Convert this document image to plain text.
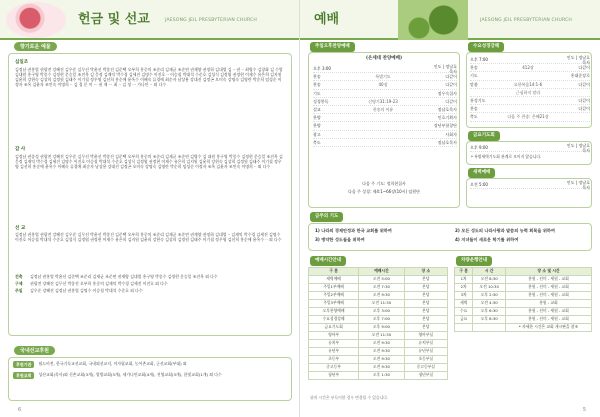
헌금 및 선교	JAESONG JEIL PRESBYTERIAN CHURCH
향기로운 예물
십일조
김정남 권홍열 권광전 강혜진 김우준 김무선 박윤선 박종진 김준택 오부희 홍중의 조준리 김재균 조준연 권재양 권정하 김대열 김 ·· 권 ·· 최병수 김창화 김 수열 김대원 홍구영 박종수 김정현 문승일 조진옥 김 응정 김재익 박수경 김세진 김명수 이진호 ·· 이승철 박대석 수준호 김성식 김정엽 권정현 이재수 유은희 김지원 김윤희 강현숙 김상희 김정원 김태주 이기철 정우영 김선희 홍순애 윤옥수 이혜숙 류경애 최순자 남상용 강대진 김정곤 오미숙 강명숙 김영란 박순희 임성순 이정자 조옥 김윤자 조인숙 이명희 ·· 김 경 문 이 ··· 권 재 ··· 최 ·· 김 정 ··· 가나안 ·· 외 다수
감 사
김정남 권종성 권광전 강혜진 김우준 김무선 박윤선 박종진 김준택 오부희 홍중의 조준리 김재균 조준연 김병수 김 대원 홍구영 박종수 김정현 문승일 조진옥 김 응정 김재익 박수경 김세진 김명수 이진호 이승철 박대석 수준호 김성식 김정엽 권정현 이재수 유은희 김지원 김윤희 강현숙 김상희 김정원 김태주 이기철 정우영 김선희 홍순애 윤옥수 이혜숙 류경애 최순자 남상용 강대진 김정곤 오미숙 강명숙 김영란 박순희 임성순 이정자 조옥 김윤자 조인숙 이명희 ·· 외 다수
선 교
김정남 권홍열 권광전 강혜진 김우준 김무선 박윤선 박종진 김준택 오부희 홍중의 조준리 김재균 조준연 권재양 권정하 김대열 ·· 김재익 박수경 김세진 김명수 이진호 이승철 박대석 수준호 김성식 김정엽 권정현 이재수 유은희 김지원 김윤희 강현숙 김상희 김정원 김태주 이기철 정우영 김선희 홍순애 윤옥수 ·· 외 다수
건축	김정남 권홍열 박윤선 김준택 조준리 김재균 조준연 권재양 김대열 홍구영 박종수 김정현 문승일 조진옥 외 다수
구제	권광전 강혜진 김무선 박종진 오부희 홍중의 김재익 박수경 김세진 이진호 외 다수
주일	김우준 강혜진 김정남 권홍열 김명수 이승철 박대석 수준호 외 다수
국내선교후원
후원기관	월드비전, 한국기독교선교회, 국내외선교지, 미자립교회, 농어촌교회, 군선교회(부대) 외
후원교회	성산교회(목사)외 신촌교회(3개), 열방교회(3개), 새가나안교회(4개), 진영교회(3개), 한빛교회(1개) 외 다수
6
예배	JAESONG JEIL PRESBYTERIAN CHURCH
주일오후찬양예배
(온세대 찬양예배)
오후 3:00	인도 | 정남호목사
찬송	특별기도	다같이
찬송	40장	다같이
기도	정우숙집사
성경봉독	신명기31:19-23	다같이
설교	찬송의 이유	정남호목사
찬양	인호기획사
찬양	장년부합창단
광고	사회자
축도	정남호목사
다음 주 기도: 정희현집사
다음 주 성경: 제4:1~66장(10시) 임원단
수요성경강해
오후 7:00	인도 | 정남호목사
찬송	412장	다같이
기도	홍대준장로
말씀	요한복음14:1-6	다같이
근심하지 말라
통성기도	다같이
찬송	다같이
축도	다음 주 찬송: 은혜21장
금요기도회
오후 9:00	인도 | 정남호목사
* 특별새벽기도회 관계로 모이지 않습니다.
새벽예배
오전 5:00	인도 | 정남호목사
금주의 기도
1) 나라의 경제안정과 한국 교회를 위하여	2) 모든 성도의 나라사랑과 말씀의 능력 회복을 위하여
3) 병약한 성도들을 위하여	4) 지녀들이 새로운 학기를 위하여
예배시간안내
구 분	예배시간	장 소
새벽예배	오전 5:00	본당
주일1부예배	오전 7:30	본당
주일2부예배	오전 9:30	본당
주일3부예배	오전 11:30	본당
오후찬양예배	오후 3:00	본당
수요성경강해	오후 7:00	본당
금요기도회	오후 9:00	본당
영아부	오전 11:30	영아부실
유치부	오전 9:30	유치부실
유년부	오전 9:30	유년부실
초등부	오전 9:30	초등부실
중고등부	오전 9:30	중고등부실
청년부	오후 1:30	청년부실
차량운행안내
구 분	시 간	장 소 및 시간
1차	오전 8:30	홍원 - 선미 - 세원 - 교회
2차	오전 10:30	홍원 - 선미 - 세원 - 교회
3차	오후 2:30	홍원 - 선미 - 세원 - 교회
새벽	오전 4:30	홍원 - 교회
수요	오후 6:30	홍원 - 선미 - 세원 - 교회
금요	오후 8:30	홍원 - 선미 - 세원 - 교회
		* 자세한 시간은 교회 게시판을 참조
위의 시간은 부득이한 경우 변경될 수 있습니다.
5
